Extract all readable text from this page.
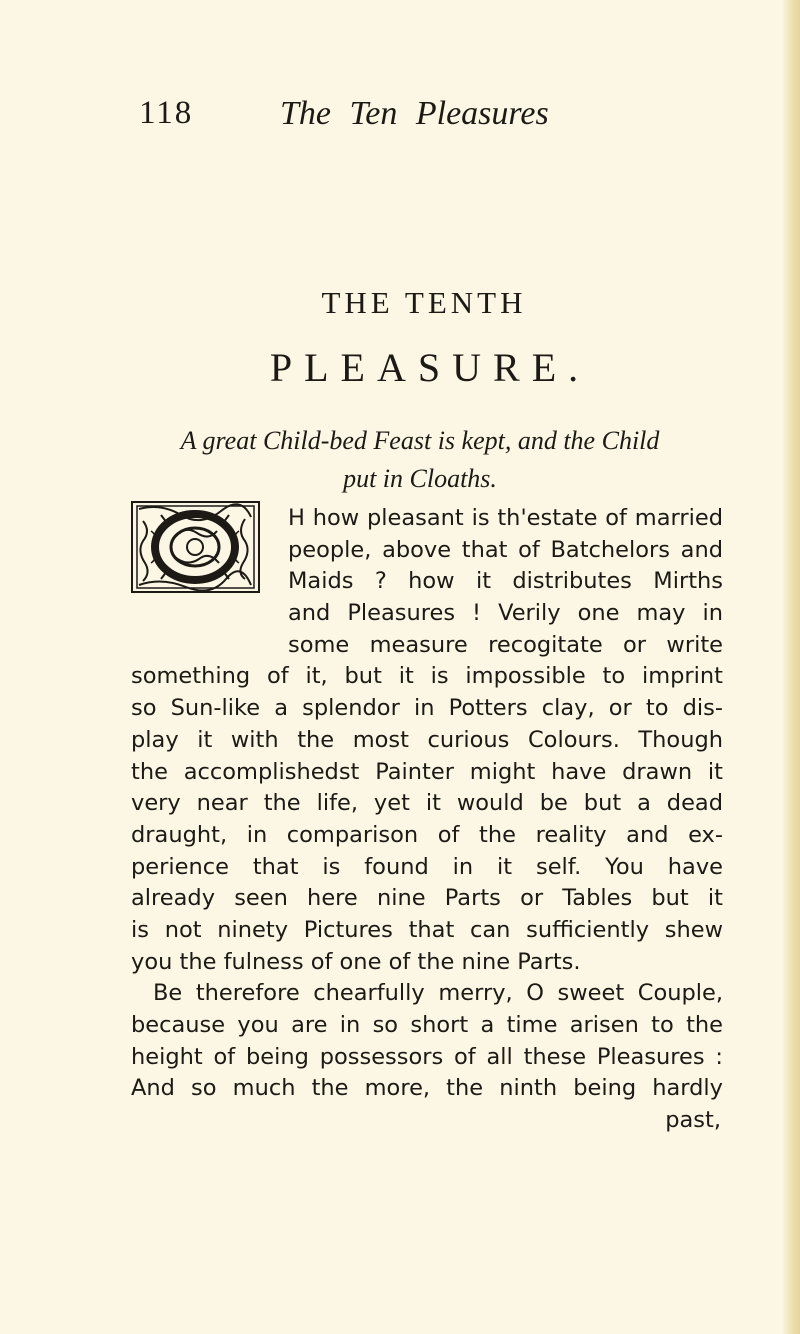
118	The Ten Pleasures
THE TENTH
PLEASURE.
A great Child-bed Feast is kept, and the Child
put in Cloaths.
H how pleasant is th'estate of married
people, above that of Batchelors and
Maids ? how it distributes Mirths
and Pleasures ! Verily one may in
some measure recogitate or write
something of it, but it is impossible to imprint
so Sun-like a splendor in Potters clay, or to dis-
play it with the most curious Colours. Though
the accomplishedst Painter might have drawn it
very near the life, yet it would be but a dead
draught, in comparison of the reality and ex-
perience that is found in it self. You have
already seen here nine Parts or Tables but it
is not ninety Pictures that can sufficiently shew
you the fulness of one of the nine Parts.
Be therefore chearfully merry, O sweet Couple,
because you are in so short a time arisen to the
height of being possessors of all these Pleasures :
And so much the more, the ninth being hardly
past,
